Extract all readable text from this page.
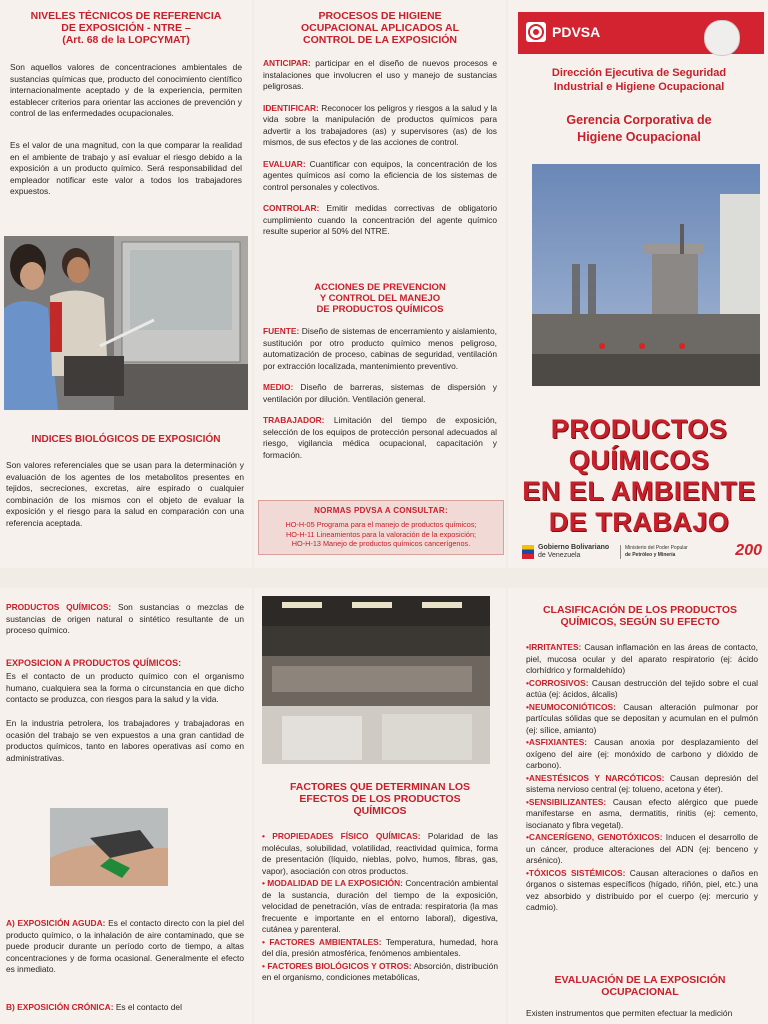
NIVELES TÉCNICOS DE REFERENCIA
DE EXPOSICIÓN - NTRE –
(Art. 68 de la LOPCYMAT)

Son aquellos valores de concentraciones ambientales de sustancias químicas que, producto del conocimiento científico internacionalmente aceptado y de la experiencia, permiten establecer criterios para orientar las acciones de prevención y control de las enfermedades ocupacionales.

Es el valor de una magnitud, con la que comparar la realidad en el ambiente de trabajo y así evaluar el riesgo debido a la exposición a un producto químico. Será responsabilidad del empleador notificar este valor a todos los trabajadores expuestos.

INDICES BIOLÓGICOS DE EXPOSICIÓN

Son valores referenciales que se usan para la determinación y evaluación de los agentes de los metabolitos presentes en tejidos, secreciones, excretas, aire espirado o cualquier combinación de los mismos con el objeto de evaluar la exposición y el riesgo para la salud en comparación con una referencia aceptada.

PROCESOS DE HIGIENE
OCUPACIONAL APLICADOS AL
CONTROL DE LA EXPOSICIÓN

ANTICIPAR: participar en el diseño de nuevos procesos e instalaciones que involucren el uso y manejo de sustancias peligrosas.

IDENTIFICAR: Reconocer los peligros y riesgos a la salud y la vida sobre la manipulación de productos químicos para advertir a los trabajadores (as) y supervisores (as) de los mismos, de sus efectos y de las acciones de control.

EVALUAR: Cuantificar con equipos, la concentración de los agentes químicos así como la eficiencia de los sistemas de control personales y colectivos.

CONTROLAR: Emitir medidas correctivas de obligatorio cumplimiento cuando la concentración del agente químico resulte superior al 50% del NTRE.

ACCIONES DE PREVENCION
Y CONTROL DEL MANEJO
DE PRODUCTOS QUÍMICOS

FUENTE: Diseño de sistemas de encerramiento y aislamiento, sustitución por otro producto químico menos peligroso, automatización de proceso, cabinas de seguridad, ventilación por extracción localizada, mantenimiento preventivo.

MEDIO: Diseño de barreras, sistemas de dispersión y ventilación por dilución. Ventilación general.

TRABAJADOR: Limitación del tiempo de exposición, selección de los equipos de protección personal adecuados al riesgo, vigilancia médica ocupacional, capacitación y formación.

NORMAS PDVSA A CONSULTAR:
HO-H-05 Programa para el manejo de productos químicos;
HO-H-11 Lineamientos para la valoración de la exposición;
HO-H-13 Manejo de productos químicos cancerígenos.
PDVSA

Dirección Ejecutiva de Seguridad
Industrial e Higiene Ocupacional

Gerencia Corporativa de
Higiene Ocupacional

PRODUCTOS QUÍMICOS
EN EL AMBIENTE
DE TRABAJO
Gobierno Bolivariano
de Venezuela
Ministerio del Poder Popular
de Petróleo y Minería	200

PRODUCTOS QUÍMICOS: Son sustancias o mezclas de sustancias de origen natural o sintético resultante de un proceso químico.

EXPOSICION A PRODUCTOS QUÍMICOS:

Es el contacto de un producto químico con el organismo humano, cualquiera sea la forma o circunstancia en que dicho contacto se produzca, con riesgos para la salud y la vida.

En la industria petrolera, los trabajadores y trabajadoras en ocasión del trabajo se ven expuestos a una gran cantidad de productos químicos, tanto en labores operativas así como en administrativas.

A) EXPOSICIÓN AGUDA: Es el contacto directo con la piel del producto químico, o la inhalación de aire contaminado, que se puede producir durante un período corto de tiempo, a altas concentraciones y de forma ocasional. Generalmente el efecto es inmediato.

B) EXPOSICIÓN CRÓNICA: Es el contacto del

FACTORES QUE DETERMINAN LOS
EFECTOS DE LOS PRODUCTOS
QUÍMICOS

• PROPIEDADES FÍSICO QUÍMICAS: Polaridad de las moléculas, solubilidad, volatilidad, reactividad química, forma de presentación (líquido, nieblas, polvo, humos, fibras, gas, vapor), asociación con otros productos.

• MODALIDAD DE LA EXPOSICIÓN: Concentración ambiental de la sustancia, duración del tiempo de la exposición, velocidad de penetración, vías de entrada: respiratoria (la mas frecuente e importante en el entorno laboral), digestiva, cutánea y parenteral.

• FACTORES AMBIENTALES: Temperatura, humedad, hora del día, presión atmosférica, fenómenos ambientales.

• FACTORES BIOLÓGICOS Y OTROS: Absorción, distribución en el organismo, condiciones metabólicas,

CLASIFICACIÓN DE LOS PRODUCTOS
QUÍMICOS, SEGÚN SU EFECTO

•IRRITANTES: Causan inflamación en las áreas de contacto, piel, mucosa ocular y del aparato respiratorio (ej: ácido clorhídrico y formaldehído)

•CORROSIVOS: Causan destrucción del tejido sobre el cual actúa (ej: ácidos, álcalis)

•NEUMOCONIÓTICOS: Causan alteración pulmonar por partículas sólidas que se depositan y acumulan en el pulmón (ej: sílice, amianto)

•ASFIXIANTES: Causan anoxia por desplazamiento del oxígeno del aire (ej: monóxido de carbono y dióxido de carbono).

•ANESTÉSICOS Y NARCÓTICOS: Causan depresión del sistema nervioso central (ej: tolueno, acetona y éter).

•SENSIBILIZANTES: Causan efecto alérgico que puede manifestarse en asma, dermatitis, rinitis (ej: cemento, isocianato y fibra vegetal).

•CANCERÍGENO, GENOTÓXICOS: Inducen el desarrollo de un cáncer, produce alteraciones del ADN (ej: benceno y arsénico).

•TÓXICOS SISTÉMICOS: Causan alteraciones o daños en órganos o sistemas específicos (hígado, riñón, piel, etc.) una vez absorbido y distribuido por el cuerpo (ej: mercurio y cadmio).

EVALUACIÓN DE LA EXPOSICIÓN
OCUPACIONAL

Existen instrumentos que permiten efectuar la medición
